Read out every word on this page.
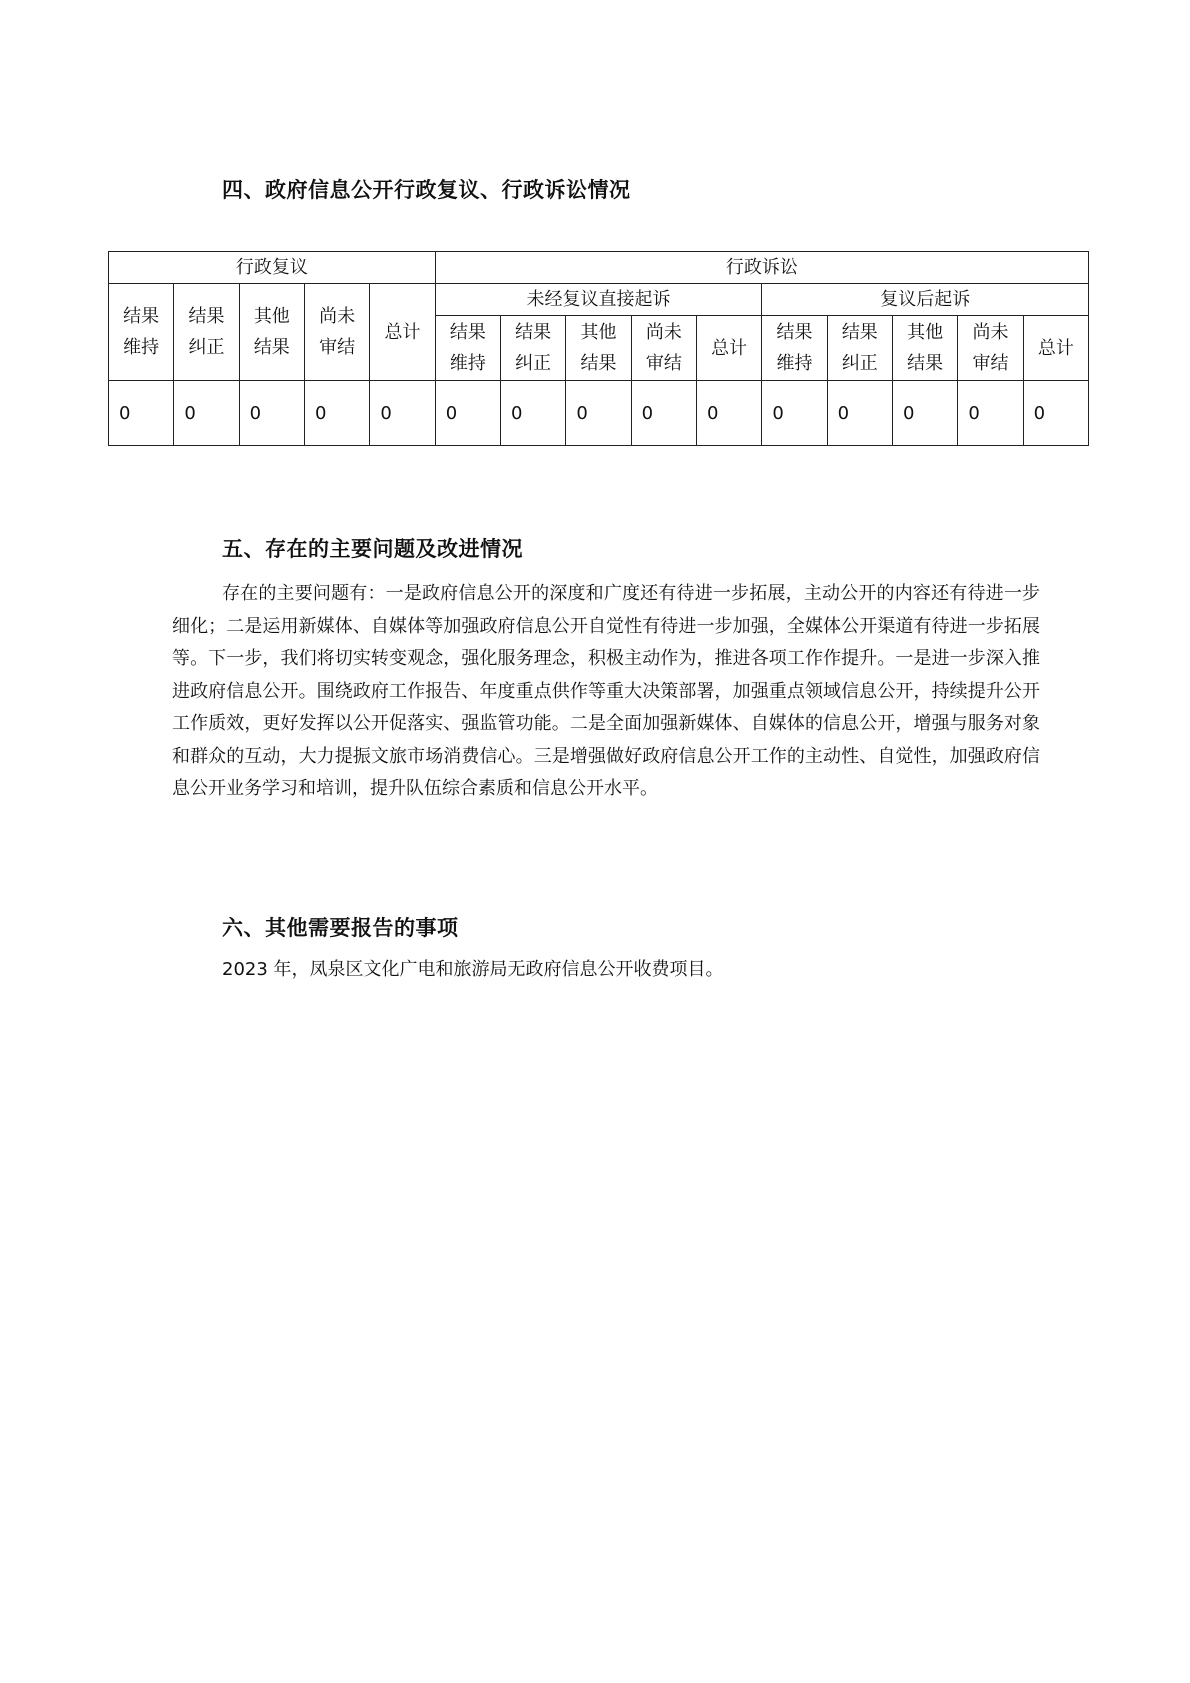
四、政府信息公开行政复议、行政诉讼情况
行政复议					行政诉讼									
结果维持	结果纠正	其他结果	尚未审结	总计	未经复议直接起诉					复议后起诉				
					结果维持	结果纠正	其他结果	尚未审结	总计	结果维持	结果纠正	其他结果	尚未审结	总计
0	0	0	0	0	0	0	0	0	0	0	0	0	0	0
五、存在的主要问题及改进情况

存在的主要问题有：一是政府信息公开的深度和广度还有待进一步拓展，主动公开的内容还有待进一步细化；二是运用新媒体、自媒体等加强政府信息公开自觉性有待进一步加强，全媒体公开渠道有待进一步拓展等。下一步，我们将切实转变观念，强化服务理念，积极主动作为，推进各项工作作提升。一是进一步深入推进政府信息公开。围绕政府工作报告、年度重点供作等重大决策部署，加强重点领域信息公开，持续提升公开工作质效，更好发挥以公开促落实、强监管功能。二是全面加强新媒体、自媒体的信息公开，增强与服务对象和群众的互动，大力提振文旅市场消费信心。三是增强做好政府信息公开工作的主动性、自觉性，加强政府信息公开业务学习和培训，提升队伍综合素质和信息公开水平。

六、其他需要报告的事项

2023 年，凤泉区文化广电和旅游局无政府信息公开收费项目。
